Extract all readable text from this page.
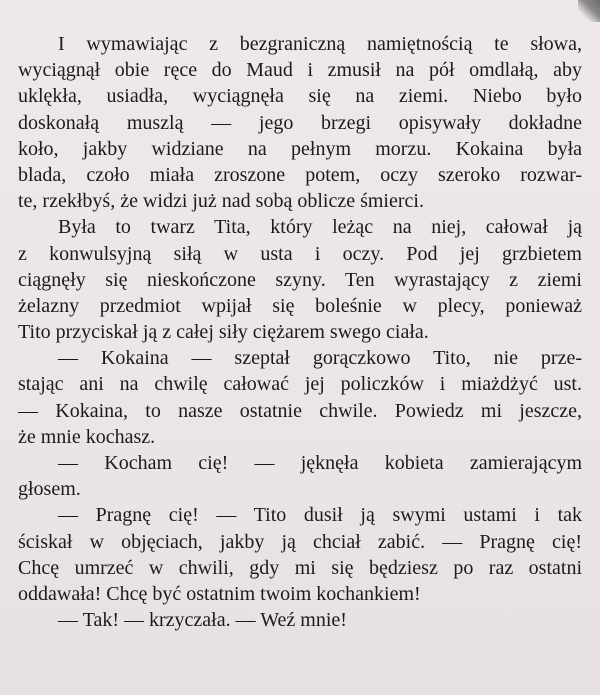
I wymawiając z bezgraniczną namiętnością te słowa,
wyciągnął obie ręce do Maud i zmusił na pół omdlałą, aby
uklękła, usiadła, wyciągnęła się na ziemi. Niebo było
doskonałą muszlą — jego brzegi opisywały dokładne
koło, jakby widziane na pełnym morzu. Kokaina była
blada, czoło miała zroszone potem, oczy szeroko rozwar-
te, rzekłbyś, że widzi już nad sobą oblicze śmierci.
Była to twarz Tita, który leżąc na niej, całował ją
z konwulsyjną siłą w usta i oczy. Pod jej grzbietem
ciągnęły się nieskończone szyny. Ten wyrastający z ziemi
żelazny przedmiot wpijał się boleśnie w plecy, ponieważ
Tito przyciskał ją z całej siły ciężarem swego ciała.
— Kokaina — szeptał gorączkowo Tito, nie prze-
stając ani na chwilę całować jej policzków i miażdżyć ust.
— Kokaina, to nasze ostatnie chwile. Powiedz mi jeszcze,
że mnie kochasz.
— Kocham cię! — jęknęła kobieta zamierającym
głosem.
— Pragnę cię! — Tito dusił ją swymi ustami i tak
ściskał w objęciach, jakby ją chciał zabić. — Pragnę cię!
Chcę umrzeć w chwili, gdy mi się będziesz po raz ostatni
oddawała! Chcę być ostatnim twoim kochankiem!
— Tak! — krzyczała. — Weź mnie!
